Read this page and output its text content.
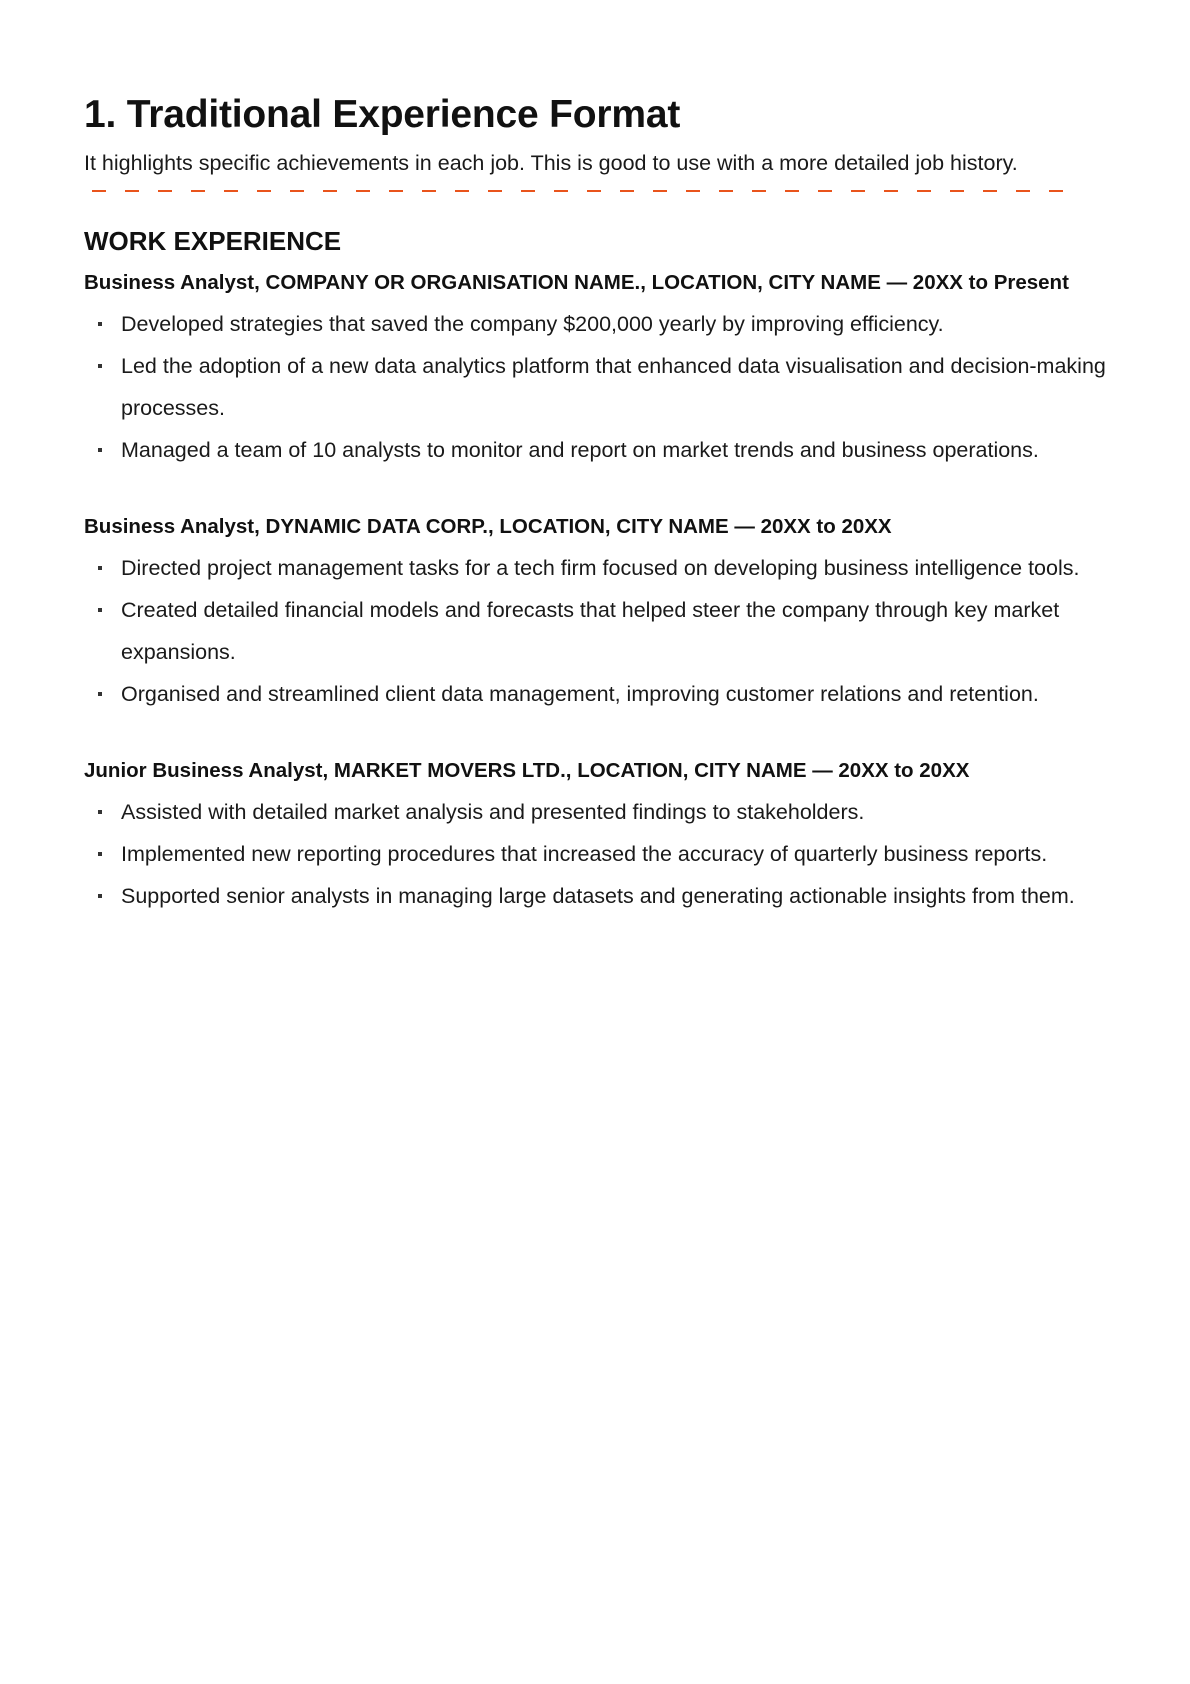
1. Traditional Experience Format

It highlights specific achievements in each job. This is good to use with a more detailed job history.

WORK EXPERIENCE
Business Analyst, COMPANY OR ORGANISATION NAME., LOCATION, CITY NAME — 20XX to Present
Developed strategies that saved the company $200,000 yearly by improving efficiency.
Led the adoption of a new data analytics platform that enhanced data visualisation and decision-making processes.
Managed a team of 10 analysts to monitor and report on market trends and business operations.
Business Analyst, DYNAMIC DATA CORP., LOCATION, CITY NAME — 20XX to 20XX
Directed project management tasks for a tech firm focused on developing business intelligence tools.
Created detailed financial models and forecasts that helped steer the company through key market expansions.
Organised and streamlined client data management, improving customer relations and retention.
Junior Business Analyst, MARKET MOVERS LTD., LOCATION, CITY NAME — 20XX to 20XX
Assisted with detailed market analysis and presented findings to stakeholders.
Implemented new reporting procedures that increased the accuracy of quarterly business reports.
Supported senior analysts in managing large datasets and generating actionable insights from them.
